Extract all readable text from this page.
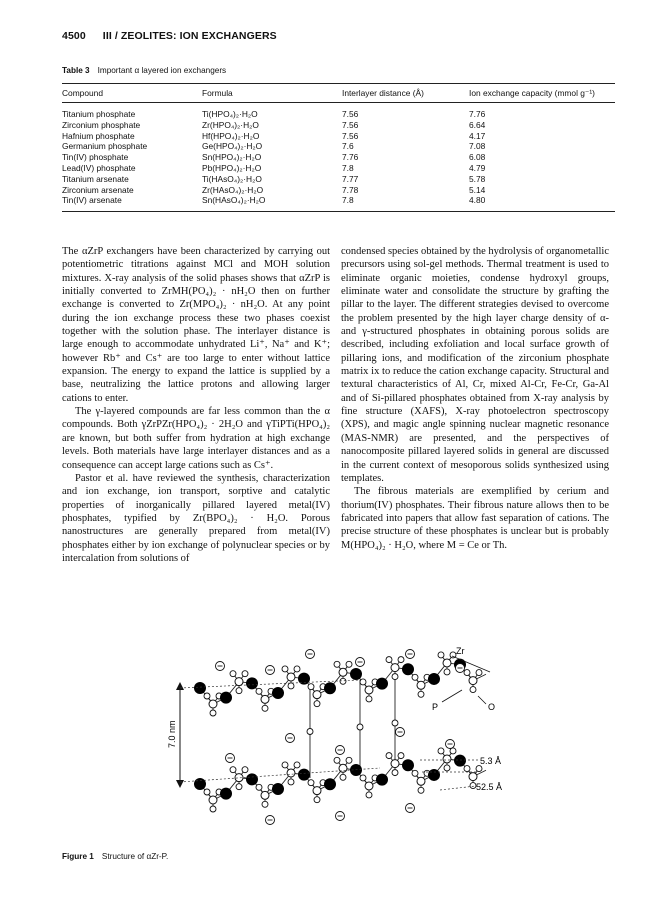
4500 III / ZEOLITES: ION EXCHANGERS
Table 3 Important α layered ion exchangers
Compound	Formula	Interlayer distance (Å)	Ion exchange capacity (mmol g⁻¹)
Titanium phosphate	Ti(HPO₄)₂·H₂O	7.56	7.76
Zirconium phosphate	Zr(HPO₄)₂·H₂O	7.56	6.64
Hafnium phosphate	Hf(HPO₄)₂·H₂O	7.56	4.17
Germanium phosphate	Ge(HPO₄)₂·H₂O	7.6	7.08
Tin(IV) phosphate	Sn(HPO₄)₂·H₂O	7.76	6.08
Lead(IV) phosphate	Pb(HPO₄)₂·H₂O	7.8	4.79
Titanium arsenate	Ti(HAsO₄)₂·H₂O	7.77	5.78
Zirconium arsenate	Zr(HAsO₄)₂·H₂O	7.78	5.14
Tin(IV) arsenate	Sn(HAsO₄)₂·H₂O	7.8	4.80

The αZrP exchangers have been characterized by carrying out potentiometric titrations against MCl and MOH solution mixtures. X-ray analysis of the solid phases shows that αZrP is initially converted to ZrMH(PO₄)₂ · nH₂O then on further exchange is converted to Zr(MPO₄)₂ · nH₂O. At any point during the ion exchange process these two phases coexist together with the solution phase. The interlayer distance is large enough to accommodate unhydrated Li⁺, Na⁺ and K⁺; however Rb⁺ and Cs⁺ are too large to enter without lattice expansion. The energy to expand the lattice is supplied by a base, neutralizing the lattice protons and allowing larger cations to enter.

The γ-layered compounds are far less common than the α compounds. Both γZrPZr(HPO₄)₂ · 2H₂O and γTiPTi(HPO₄)₂ are known, but both suffer from hydration at high exchange levels. Both materials have large interlayer distances and as a consequence can accept large cations such as Cs⁺.

Pastor et al. have reviewed the synthesis, characterization and ion exchange, ion transport, sorptive and catalytic properties of inorganically pillared layered metal(IV) phosphates, typified by Zr(BPO₄)₂ · H₂O. Porous nanostructures are generally prepared from metal(IV) phosphates either by ion exchange of polynuclear species or by intercalation from solutions of

condensed species obtained by the hydrolysis of organometallic precursors using sol-gel methods. Thermal treatment is used to eliminate organic moieties, condense hydroxyl groups, eliminate water and consolidate the structure by grafting the pillar to the layer. The different strategies devised to overcome the problem presented by the high layer charge density of α- and γ-structured phosphates in obtaining porous solids are described, including exfoliation and local surface growth of pillaring ions, and modification of the zirconium phosphate matrix ix to reduce the cation exchange capacity. Structural and textural characteristics of Al, Cr, mixed Al-Cr, Fe-Cr, Ga-Al and of Si-pillared phosphates obtained from X-ray analysis by fine structure (XAFS), X-ray photoelectron spectroscopy (XPS), and magic angle spinning nuclear magnetic resonance (MAS-NMR) are presented, and the perspectives of nanocomposite pillared layered solids in general are discussed in the current context of mesoporous solids synthesized using templates.

The fibrous materials are exemplified by cerium and thorium(IV) phosphates. Their fibrous nature allows then to be fabricated into papers that allow fast separation of cations. The precise structure of these phosphates is unclear but is probably M(HPO₄)₂ · H₂O, where M = Ce or Th.

7.0 nm
Zr
P	O
5.3 Å
52.5 Å
Figure 1 Structure of αZr-P.
